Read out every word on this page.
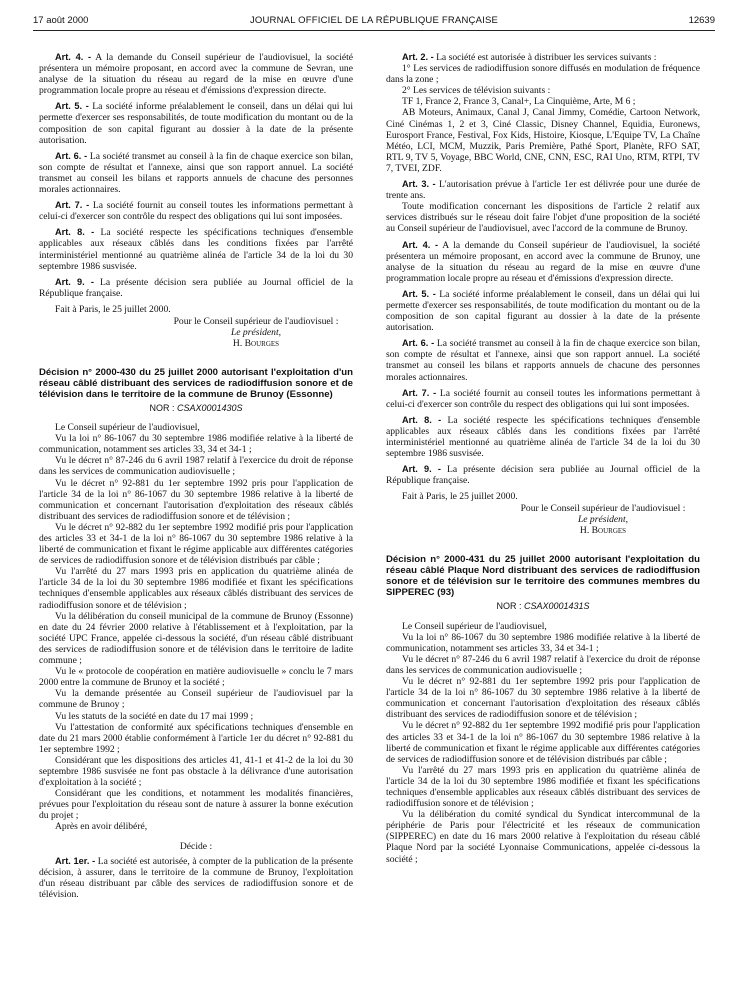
17 août 2000	JOURNAL OFFICIEL DE LA RÉPUBLIQUE FRANÇAISE	12639

Art. 4. - A la demande du Conseil supérieur de l'audiovisuel, la société présentera un mémoire proposant, en accord avec la commune de Sevran, une analyse de la situation du réseau au regard de la mise en œuvre d'une programmation locale propre au réseau et d'émissions d'expression directe.

Art. 5. - La société informe préalablement le conseil, dans un délai qui lui permette d'exercer ses responsabilités, de toute modification du montant ou de la composition de son capital figurant au dossier à la date de la présente autorisation.

Art. 6. - La société transmet au conseil à la fin de chaque exercice son bilan, son compte de résultat et l'annexe, ainsi que son rapport annuel. La société transmet au conseil les bilans et rapports annuels de chacune des personnes morales actionnaires.

Art. 7. - La société fournit au conseil toutes les informations permettant à celui-ci d'exercer son contrôle du respect des obligations qui lui sont imposées.

Art. 8. - La société respecte les spécifications techniques d'ensemble applicables aux réseaux câblés dans les conditions fixées par l'arrêté interministériel mentionné au quatrième alinéa de l'article 34 de la loi du 30 septembre 1986 susvisée.

Art. 9. - La présente décision sera publiée au Journal officiel de la République française.

Fait à Paris, le 25 juillet 2000.

Pour le Conseil supérieur de l'audiovisuel :
Le président,
H. Bourges

Décision n° 2000-430 du 25 juillet 2000 autorisant l'exploitation d'un réseau câblé distribuant des services de radiodiffusion sonore et de télévision dans le territoire de la commune de Brunoy (Essonne)

NOR : CSAX0001430S

Le Conseil supérieur de l'audiovisuel,

Vu la loi n° 86-1067 du 30 septembre 1986 modifiée relative à la liberté de communication, notamment ses articles 33, 34 et 34-1 ;

Vu le décret n° 87-246 du 6 avril 1987 relatif à l'exercice du droit de réponse dans les services de communication audiovisuelle ;

Vu le décret n° 92-881 du 1er septembre 1992 pris pour l'application de l'article 34 de la loi n° 86-1067 du 30 septembre 1986 relative à la liberté de communication et concernant l'autorisation d'exploitation des réseaux câblés distribuant des services de radiodiffusion sonore et de télévision ;

Vu le décret n° 92-882 du 1er septembre 1992 modifié pris pour l'application des articles 33 et 34-1 de la loi n° 86-1067 du 30 septembre 1986 relative à la liberté de communication et fixant le régime applicable aux différentes catégories de services de radiodiffusion sonore et de télévision distribués par câble ;

Vu l'arrêté du 27 mars 1993 pris en application du quatrième alinéa de l'article 34 de la loi du 30 septembre 1986 modifiée et fixant les spécifications techniques d'ensemble applicables aux réseaux câblés distribuant des services de radiodiffusion sonore et de télévision ;

Vu la délibération du conseil municipal de la commune de Brunoy (Essonne) en date du 24 février 2000 relative à l'établissement et à l'exploitation, par la société UPC France, appelée ci-dessous la société, d'un réseau câblé distribuant des services de radiodiffusion sonore et de télévision dans le territoire de ladite commune ;

Vu le « protocole de coopération en matière audiovisuelle » conclu le 7 mars 2000 entre la commune de Brunoy et la société ;

Vu la demande présentée au Conseil supérieur de l'audiovisuel par la commune de Brunoy ;

Vu les statuts de la société en date du 17 mai 1999 ;

Vu l'attestation de conformité aux spécifications techniques d'ensemble en date du 21 mars 2000 établie conformément à l'article 1er du décret n° 92-881 du 1er septembre 1992 ;

Considérant que les dispositions des articles 41, 41-1 et 41-2 de la loi du 30 septembre 1986 susvisée ne font pas obstacle à la délivrance d'une autorisation d'exploitation à la société ;

Considérant que les conditions, et notamment les modalités financières, prévues pour l'exploitation du réseau sont de nature à assurer la bonne exécution du projet ;

Après en avoir délibéré,

Décide :

Art. 1er. - La société est autorisée, à compter de la publication de la présente décision, à assurer, dans le territoire de la commune de Brunoy, l'exploitation d'un réseau distribuant par câble des services de radiodiffusion sonore et de télévision.

Art. 2. - La société est autorisée à distribuer les services suivants :

1° Les services de radiodiffusion sonore diffusés en modulation de fréquence dans la zone ;

2° Les services de télévision suivants :

TF 1, France 2, France 3, Canal+, La Cinquième, Arte, M 6 ;

AB Moteurs, Animaux, Canal J, Canal Jimmy, Comédie, Cartoon Network, Ciné Cinémas 1, 2 et 3, Ciné Classic, Disney Channel, Equidia, Euronews, Eurosport France, Festival, Fox Kids, Histoire, Kiosque, L'Equipe TV, La Chaîne Météo, LCI, MCM, Muzzik, Paris Première, Pathé Sport, Planète, RFO SAT, RTL 9, TV 5, Voyage, BBC World, CNE, CNN, ESC, RAI Uno, RTM, RTPI, TV 7, TVEI, ZDF.

Art. 3. - L'autorisation prévue à l'article 1er est délivrée pour une durée de trente ans.

Toute modification concernant les dispositions de l'article 2 relatif aux services distribués sur le réseau doit faire l'objet d'une proposition de la société au Conseil supérieur de l'audiovisuel, avec l'accord de la commune de Brunoy.

Art. 4. - A la demande du Conseil supérieur de l'audiovisuel, la société présentera un mémoire proposant, en accord avec la commune de Brunoy, une analyse de la situation du réseau au regard de la mise en œuvre d'une programmation locale propre au réseau et d'émissions d'expression directe.

Art. 5. - La société informe préalablement le conseil, dans un délai qui lui permette d'exercer ses responsabilités, de toute modification du montant ou de la composition de son capital figurant au dossier à la date de la présente autorisation.

Art. 6. - La société transmet au conseil à la fin de chaque exercice son bilan, son compte de résultat et l'annexe, ainsi que son rapport annuel. La société transmet au conseil les bilans et rapports annuels de chacune des personnes morales actionnaires.

Art. 7. - La société fournit au conseil toutes les informations permettant à celui-ci d'exercer son contrôle du respect des obligations qui lui sont imposées.

Art. 8. - La société respecte les spécifications techniques d'ensemble applicables aux réseaux câblés dans les conditions fixées par l'arrêté interministériel mentionné au quatrième alinéa de l'article 34 de la loi du 30 septembre 1986 susvisée.

Art. 9. - La présente décision sera publiée au Journal officiel de la République française.

Fait à Paris, le 25 juillet 2000.

Pour le Conseil supérieur de l'audiovisuel :
Le président,
H. Bourges

Décision n° 2000-431 du 25 juillet 2000 autorisant l'exploitation du réseau câblé Plaque Nord distribuant des services de radiodiffusion sonore et de télévision sur le territoire des communes membres du SIPPEREC (93)

NOR : CSAX0001431S

Le Conseil supérieur de l'audiovisuel,

Vu la loi n° 86-1067 du 30 septembre 1986 modifiée relative à la liberté de communication, notamment ses articles 33, 34 et 34-1 ;

Vu le décret n° 87-246 du 6 avril 1987 relatif à l'exercice du droit de réponse dans les services de communication audiovisuelle ;

Vu le décret n° 92-881 du 1er septembre 1992 pris pour l'application de l'article 34 de la loi n° 86-1067 du 30 septembre 1986 relative à la liberté de communication et concernant l'autorisation d'exploitation des réseaux câblés distribuant des services de radiodiffusion sonore et de télévision ;

Vu le décret n° 92-882 du 1er septembre 1992 modifié pris pour l'application des articles 33 et 34-1 de la loi n° 86-1067 du 30 septembre 1986 relative à la liberté de communication et fixant le régime applicable aux différentes catégories de services de radiodiffusion sonore et de télévision distribués par câble ;

Vu l'arrêté du 27 mars 1993 pris en application du quatrième alinéa de l'article 34 de la loi du 30 septembre 1986 modifiée et fixant les spécifications techniques d'ensemble applicables aux réseaux câblés distribuant des services de radiodiffusion sonore et de télévision ;

Vu la délibération du comité syndical du Syndicat intercommunal de la périphérie de Paris pour l'électricité et les réseaux de communication (SIPPEREC) en date du 16 mars 2000 relative à l'exploitation du réseau câblé Plaque Nord par la société Lyonnaise Communications, appelée ci-dessous la société ;
